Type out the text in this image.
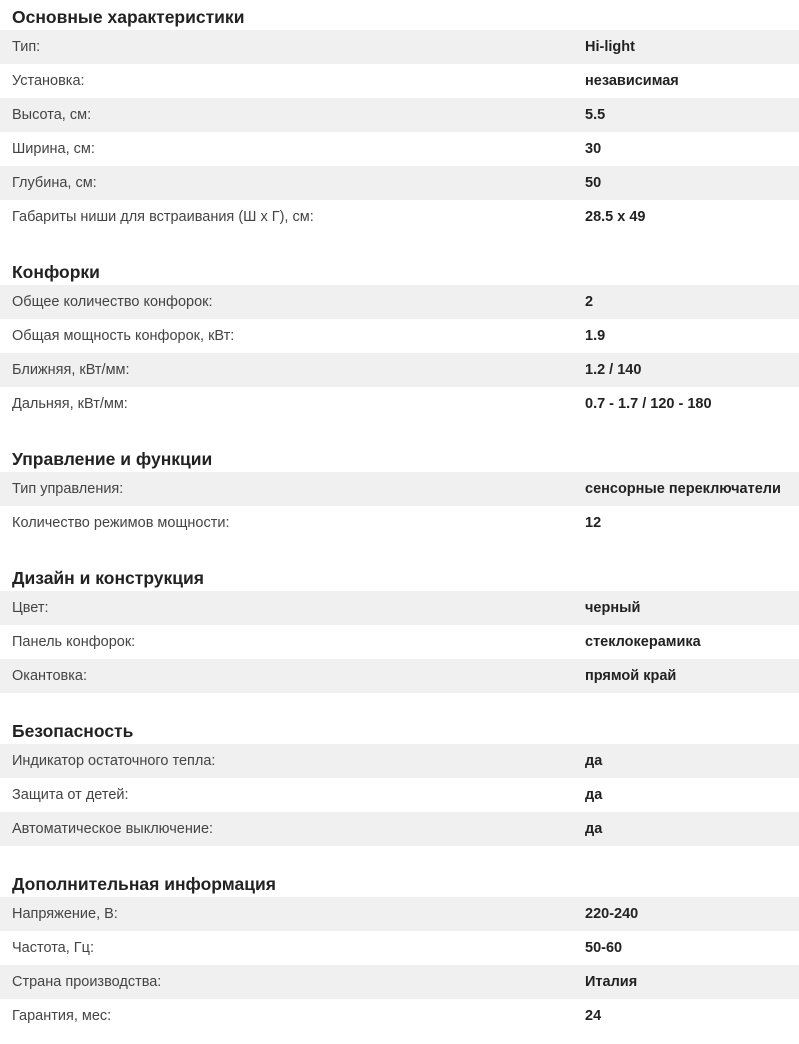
Основные характеристики
Тип:	Hi-light
Установка:	независимая
Высота, см:	5.5
Ширина, см:	30
Глубина, см:	50
Габариты ниши для встраивания (Ш х Г), см:	28.5 х 49
Конфорки
Общее количество конфорок:	2
Общая мощность конфорок, кВт:	1.9
Ближняя, кВт/мм:	1.2 / 140
Дальняя, кВт/мм:	0.7 - 1.7 / 120 - 180
Управление и функции
Тип управления:	сенсорные переключатели
Количество режимов мощности:	12
Дизайн и конструкция
Цвет:	черный
Панель конфорок:	стеклокерамика
Окантовка:	прямой край
Безопасность
Индикатор остаточного тепла:	да
Защита от детей:	да
Автоматическое выключение:	да
Дополнительная информация
Напряжение, В:	220-240
Частота, Гц:	50-60
Страна производства:	Италия
Гарантия, мес:	24
